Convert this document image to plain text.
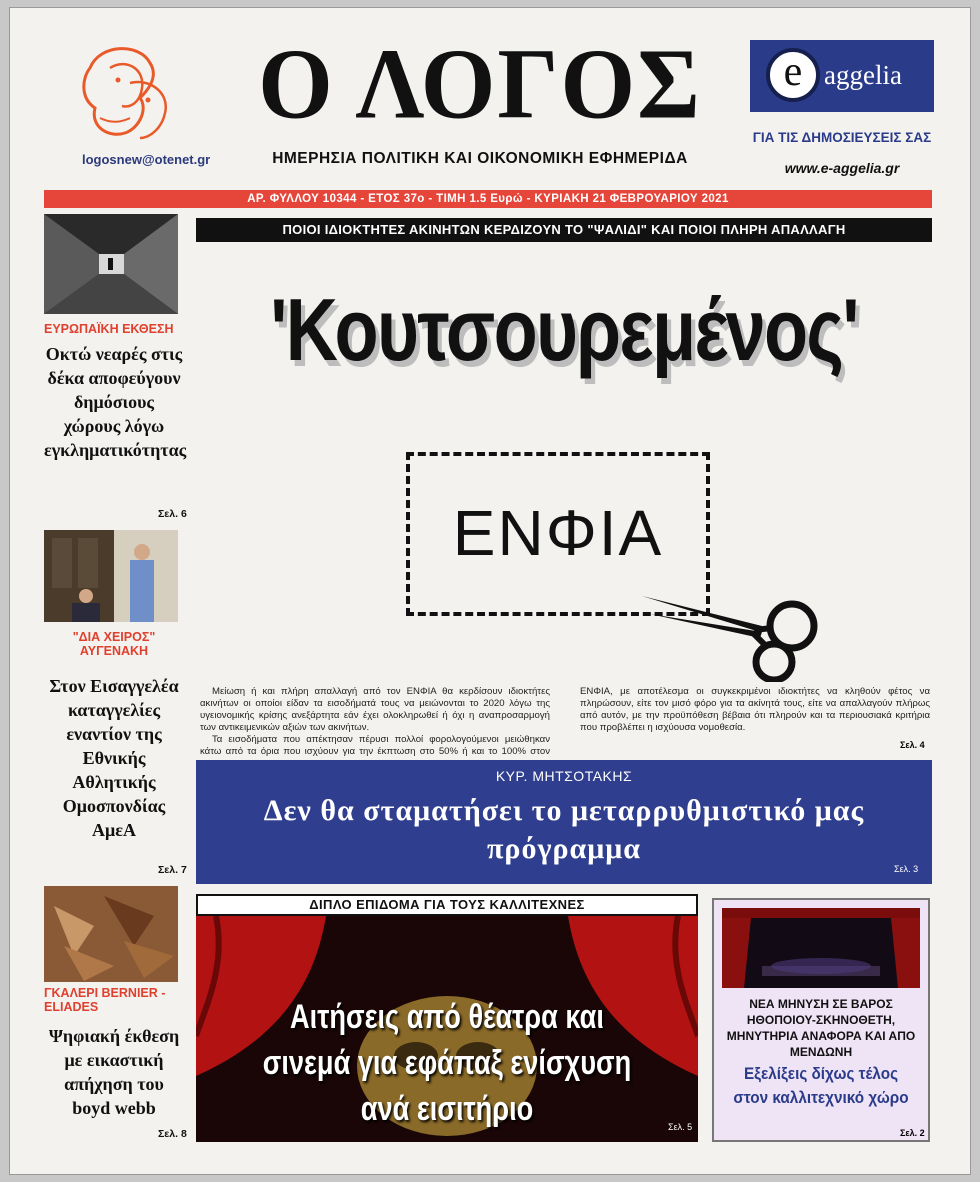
logosnew@otenet.gr
Ο ΛΟΓΟΣ
ΗΜΕΡΗΣΙΑ ΠΟΛΙΤΙΚΗ ΚΑΙ ΟΙΚΟΝΟΜΙΚΗ ΕΦΗΜΕΡΙΔΑ
e aggelia
ΓΙΑ ΤΙΣ ΔΗΜΟΣΙΕΥΣΕΙΣ ΣΑΣ
www.e-aggelia.gr
ΑΡ. ΦΥΛΛΟΥ 10344 - ΕΤΟΣ 37ο - ΤΙΜΗ 1.5 Ευρώ - ΚΥΡΙΑΚΗ 21 ΦΕΒΡΟΥΑΡΙΟΥ 2021
ΕΥΡΩΠΑΪΚΗ ΕΚΘΕΣΗ
Οκτώ νεαρές στις δέκα αποφεύγουν δημόσιους χώρους λόγω εγκληματικότητας
Σελ. 6
"ΔΙΑ ΧΕΙΡΟΣ" ΑΥΓΕΝΑΚΗ
Στον Εισαγγελέα καταγγελίες εναντίον της Εθνικής Αθλητικής Ομοσπονδίας ΑμεΑ
Σελ. 7
ΓΚΑΛΕΡΙ BERNIER - ELIADES
Ψηφιακή έκθεση με εικαστική απήχηση του boyd webb
Σελ. 8
ΠΟΙΟΙ ΙΔΙΟΚΤΗΤΕΣ ΑΚΙΝΗΤΩΝ ΚΕΡΔΙΖΟΥΝ ΤΟ "ΨΑΛΙΔΙ" ΚΑΙ ΠΟΙΟΙ ΠΛΗΡΗ ΑΠΑΛΛΑΓΗ
'Κουτσουρεμένος'
ΕΝΦΙΑ

Μείωση ή και πλήρη απαλλαγή από τον ΕΝΦΙΑ θα κερδίσουν ιδιοκτήτες ακινήτων οι οποίοι είδαν τα εισοδήματά τους να μειώνονται το 2020 λόγω της υγειονομικής κρίσης ανεξάρτητα εάν έχει ολοκληρωθεί ή όχι η αναπροσαρμογή των αντικειμενικών αξιών των ακινήτων.

Τα εισοδήματα που απέκτησαν πέρυσι πολλοί φορολογούμενοι μειώθηκαν κάτω από τα όρια που ισχύουν για την έκπτωση στο 50% ή και το 100% στον ΕΝΦΙΑ, με αποτέλεσμα οι συγκεκριμένοι ιδιοκτήτες να κληθούν φέτος να πληρώσουν, είτε τον μισό φόρο για τα ακίνητά τους, είτε να απαλλαγούν πλήρως από αυτόν, με την προϋπόθεση βέβαια ότι πληρούν και τα περιουσιακά κριτήρια που προβλέπει η ισχύουσα νομοθεσία.

Σελ. 4
ΚΥΡ. ΜΗΤΣΟΤΑΚΗΣ
Δεν θα σταματήσει το μεταρρυθμιστικό μας πρόγραμμα
Σελ. 3
ΔΙΠΛΟ ΕΠΙΔΟΜΑ ΓΙΑ ΤΟΥΣ ΚΑΛΛΙΤΕΧΝΕΣ
Αιτήσεις από θέατρα και σινεμά για εφάπαξ ενίσχυση ανά εισιτήριο	Σελ. 5
ΝΕΑ ΜΗΝΥΣΗ ΣΕ ΒΑΡΟΣ ΗΘΟΠΟΙΟΥ-ΣΚΗΝΟΘΕΤΗ, ΜΗΝΥΤΗΡΙΑ ΑΝΑΦΟΡΑ ΚΑΙ ΑΠΟ ΜΕΝΔΩΝΗ
Εξελίξεις δίχως τέλος στον καλλιτεχνικό χώρο
Σελ. 2
